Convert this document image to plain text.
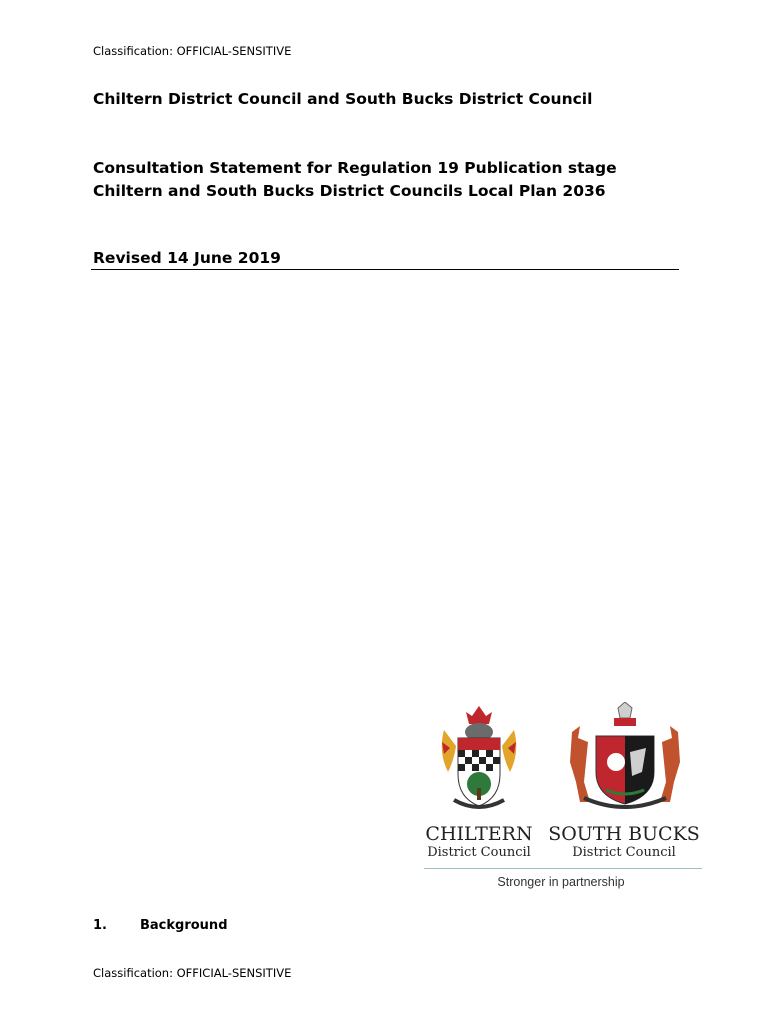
Classification: OFFICIAL-SENSITIVE
Chiltern District Council and South Bucks District Council
Consultation Statement for Regulation 19 Publication stage
Chiltern and South Bucks District Councils Local Plan 2036
Revised 14 June 2019
CHILTERN
District Council
SOUTH BUCKS
District Council
Stronger in partnership
1.	Background
Classification: OFFICIAL-SENSITIVE
